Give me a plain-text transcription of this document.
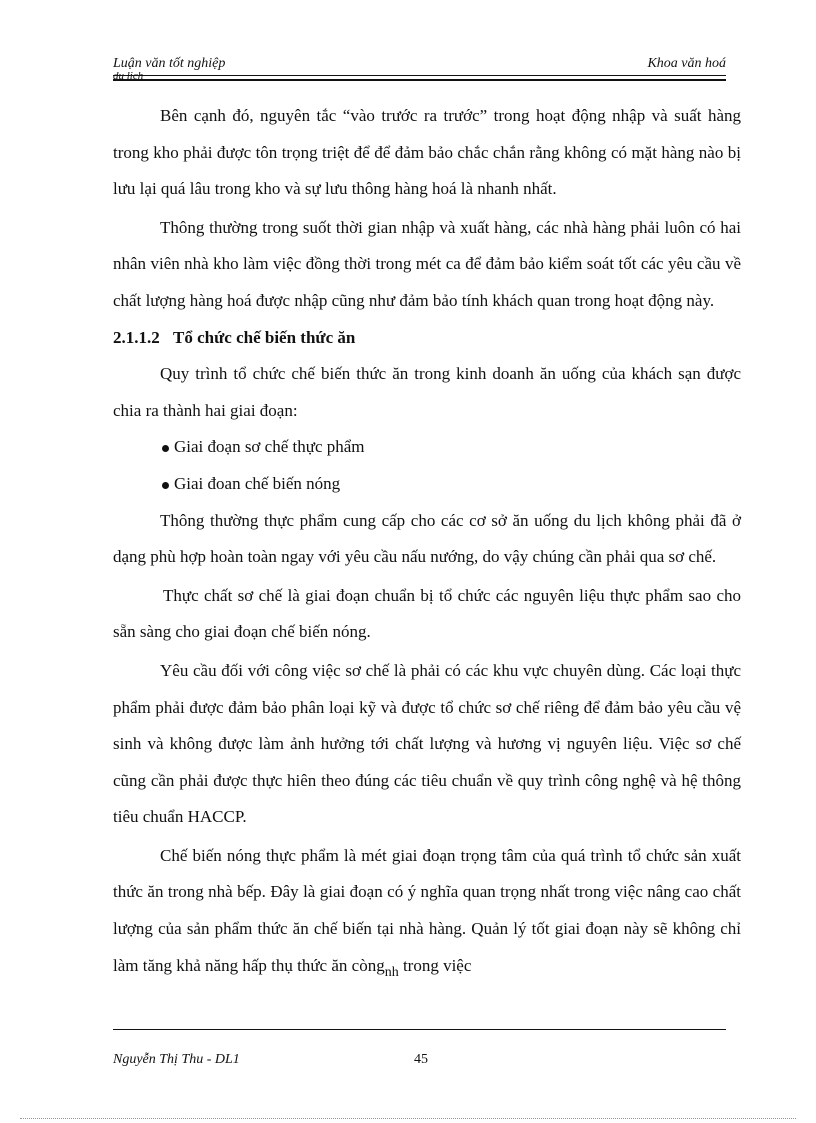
Luận văn tốt nghiệp
du lịch
Khoa văn hoá

Bên cạnh đó, nguyên tắc “vào trước ra trước” trong hoạt động nhập và suất hàng trong kho phải được tôn trọng triệt để để đảm bảo chắc chắn rằng không có mặt hàng nào bị lưu lại quá lâu trong kho và sự lưu thông hàng hoá là nhanh nhất.

Thông thường trong suốt thời gian nhập và xuất hàng, các nhà hàng phải luôn có hai nhân viên nhà kho làm việc đồng thời trong mét ca để đảm bảo kiểm soát tốt các yêu cầu về chất lượng hàng hoá được nhập cũng như đảm bảo tính khách quan trong hoạt động này.

2.1.1.2 Tổ chức chế biến thức ăn

Quy trình tổ chức chế biến thức ăn trong kinh doanh ăn uống của khách sạn được chia ra thành hai giai đoạn:

Giai đoạn sơ chế thực phẩm
Giai đoan chế biến nóng

Thông thường thực phẩm cung cấp cho các cơ sở ăn uống du lịch không phải đã ở dạng phù hợp hoàn toàn ngay với yêu cầu nấu nướng, do vậy chúng cần phải qua sơ chế.

Thực chất sơ chế là giai đoạn chuẩn bị tổ chức các nguyên liệu thực phẩm sao cho sẵn sàng cho giai đoạn chế biến nóng.

Yêu cầu đối với công việc sơ chế là phải có các khu vực chuyên dùng. Các loại thực phẩm phải được đảm bảo phân loại kỹ và được tổ chức sơ chế riêng để đảm bảo yêu cầu vệ sinh và không được làm ảnh hưởng tới chất lượng và hương vị nguyên liệu. Việc sơ chế cũng cần phải được thực hiên theo đúng các tiêu chuẩn về quy trình công nghệ và hệ thông tiêu chuẩn HACCP.

Chế biến nóng thực phẩm là mét giai đoạn trọng tâm của quá trình tổ chức sản xuất thức ăn trong nhà bếp. Đây là giai đoạn có ý nghĩa quan trọng nhất trong việc nâng cao chất lượng của sản phẩm thức ăn chế biến tại nhà hàng. Quản lý tốt giai đoạn này sẽ không chỉ làm tăng khả năng hấp thụ thức ăn còng$_{nh}$ trong việc

Nguyễn Thị Thu - DL1	45
